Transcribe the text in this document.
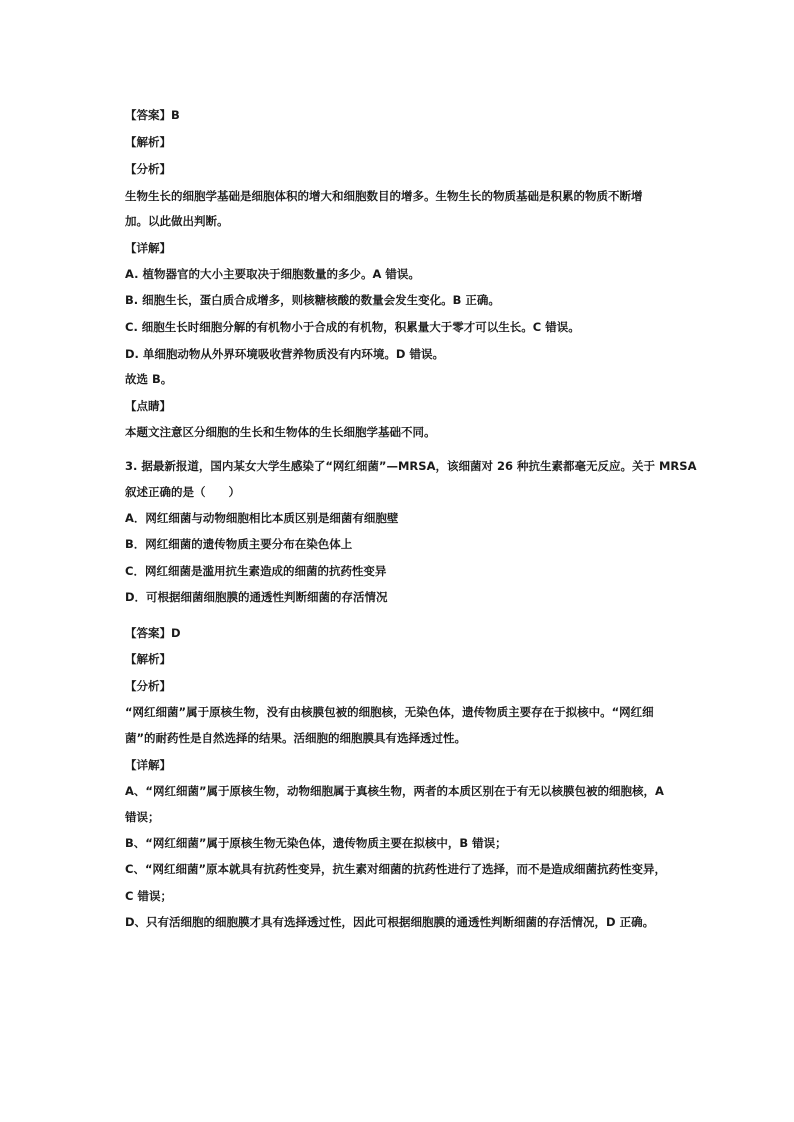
【答案】B
【解析】
【分析】
生物生长的细胞学基础是细胞体积的增大和细胞数目的增多。生物生长的物质基础是积累的物质不断增
加。以此做出判断。
【详解】
A. 植物器官的大小主要取决于细胞数量的多少。A 错误。
B. 细胞生长，蛋白质合成增多，则核糖核酸的数量会发生变化。B 正确。
C. 细胞生长时细胞分解的有机物小于合成的有机物，积累量大于零才可以生长。C 错误。
D. 单细胞动物从外界环境吸收营养物质没有内环境。D 错误。
故选 B。
【点睛】
本题文注意区分细胞的生长和生物体的生长细胞学基础不同。
3. 据最新报道，国内某女大学生感染了“网红细菌”—MRSA，该细菌对 26 种抗生素都毫无反应。关于 MRSA
叙述正确的是（　　）
A．网红细菌与动物细胞相比本质区别是细菌有细胞壁
B．网红细菌的遗传物质主要分布在染色体上
C．网红细菌是滥用抗生素造成的细菌的抗药性变异
D．可根据细菌细胞膜的通透性判断细菌的存活情况
【答案】D
【解析】
【分析】
“网红细菌”属于原核生物，没有由核膜包被的细胞核，无染色体，遗传物质主要存在于拟核中。“网红细
菌”的耐药性是自然选择的结果。活细胞的细胞膜具有选择透过性。
【详解】
A、“网红细菌”属于原核生物，动物细胞属于真核生物，两者的本质区别在于有无以核膜包被的细胞核，A
错误；
B、“网红细菌”属于原核生物无染色体，遗传物质主要在拟核中，B 错误；
C、“网红细菌”原本就具有抗药性变异，抗生素对细菌的抗药性进行了选择，而不是造成细菌抗药性变异，
C 错误；
D、只有活细胞的细胞膜才具有选择透过性，因此可根据细胞膜的通透性判断细菌的存活情况，D 正确。
